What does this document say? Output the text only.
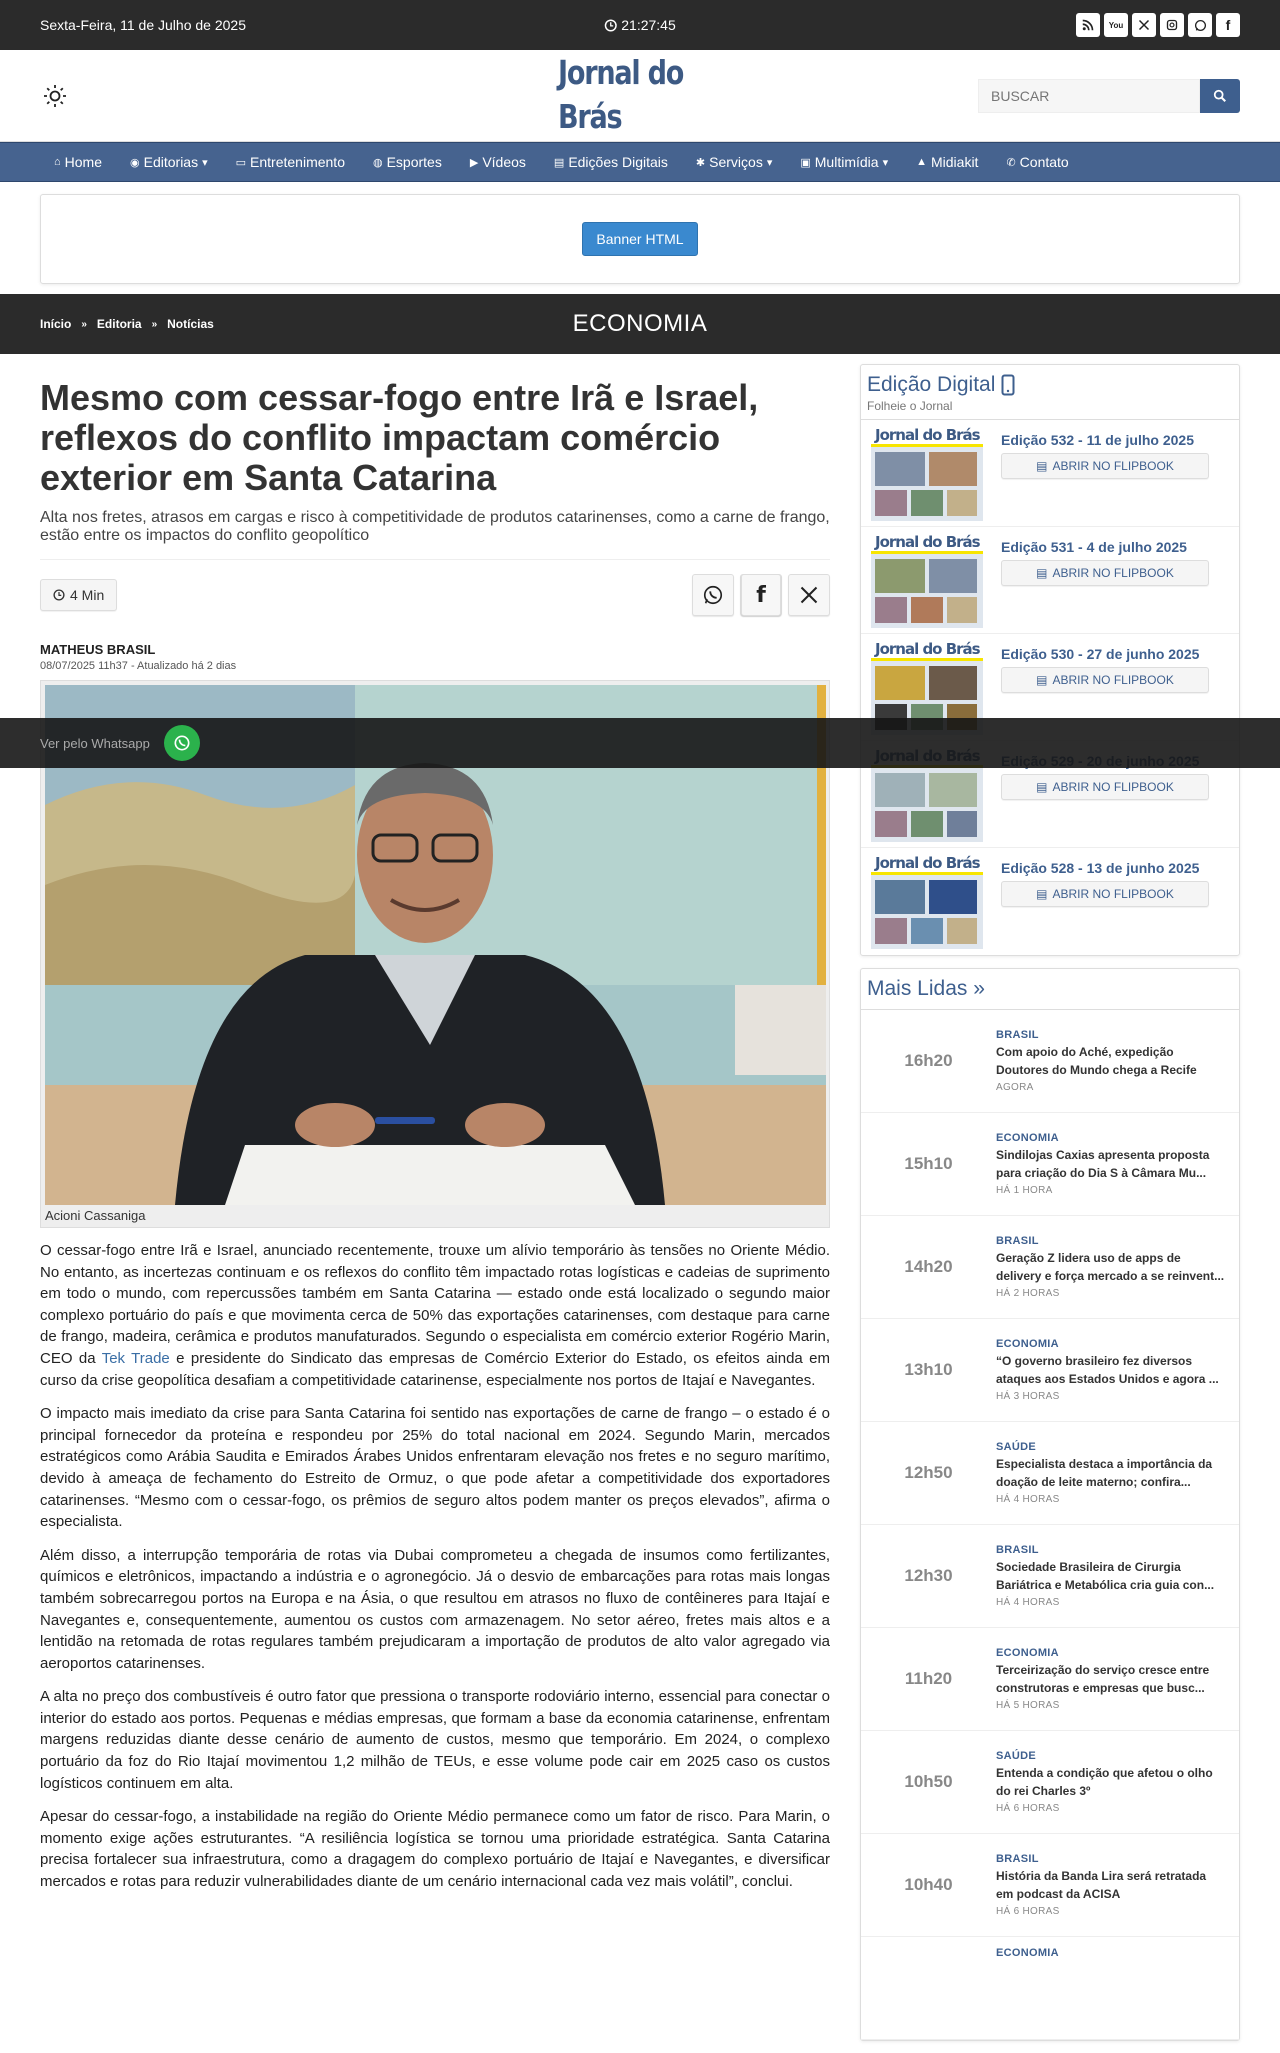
Sexta-Feira, 11 de Julho de 2025	21:27:45	You	f
Jornal do Brás
BUSCAR
⌂ Home	◉ Editorias ▾	▭ Entretenimento	◍ Esportes	▶ Vídeos	▤ Edições Digitais	✱ Serviços ▾	▣ Multimídia ▾	▲ Midiakit	✆ Contato
Banner HTML
Início » Editoria » Notícias	ECONOMIA
Mesmo com cessar-fogo entre Irã e Israel, reflexos do conflito impactam comércio exterior em Santa Catarina
Alta nos fretes, atrasos em cargas e risco à competitividade de produtos catarinenses, como a carne de frango, estão entre os impactos do conflito geopolítico
4 Min	f
MATHEUS BRASIL
08/07/2025 11h37 - Atualizado há 2 dias
Acioni Cassaniga

O cessar-fogo entre Irã e Israel, anunciado recentemente, trouxe um alívio temporário às tensões no Oriente Médio. No entanto, as incertezas continuam e os reflexos do conflito têm impactado rotas logísticas e cadeias de suprimento em todo o mundo, com repercussões também em Santa Catarina — estado onde está localizado o segundo maior complexo portuário do país e que movimenta cerca de 50% das exportações catarinenses, com destaque para carne de frango, madeira, cerâmica e produtos manufaturados. Segundo o especialista em comércio exterior Rogério Marin, CEO da Tek Trade e presidente do Sindicato das empresas de Comércio Exterior do Estado, os efeitos ainda em curso da crise geopolítica desafiam a competitividade catarinense, especialmente nos portos de Itajaí e Navegantes.

O impacto mais imediato da crise para Santa Catarina foi sentido nas exportações de carne de frango – o estado é o principal fornecedor da proteína e respondeu por 25% do total nacional em 2024. Segundo Marin, mercados estratégicos como Arábia Saudita e Emirados Árabes Unidos enfrentaram elevação nos fretes e no seguro marítimo, devido à ameaça de fechamento do Estreito de Ormuz, o que pode afetar a competitividade dos exportadores catarinenses. “Mesmo com o cessar-fogo, os prêmios de seguro altos podem manter os preços elevados”, afirma o especialista.

Além disso, a interrupção temporária de rotas via Dubai comprometeu a chegada de insumos como fertilizantes, químicos e eletrônicos, impactando a indústria e o agronegócio. Já o desvio de embarcações para rotas mais longas também sobrecarregou portos na Europa e na Ásia, o que resultou em atrasos no fluxo de contêineres para Itajaí e Navegantes e, consequentemente, aumentou os custos com armazenagem. No setor aéreo, fretes mais altos e a lentidão na retomada de rotas regulares também prejudicaram a importação de produtos de alto valor agregado via aeroportos catarinenses.

A alta no preço dos combustíveis é outro fator que pressiona o transporte rodoviário interno, essencial para conectar o interior do estado aos portos. Pequenas e médias empresas, que formam a base da economia catarinense, enfrentam margens reduzidas diante desse cenário de aumento de custos, mesmo que temporário. Em 2024, o complexo portuário da foz do Rio Itajaí movimentou 1,2 milhão de TEUs, e esse volume pode cair em 2025 caso os custos logísticos continuem em alta.

Apesar do cessar-fogo, a instabilidade na região do Oriente Médio permanece como um fator de risco. Para Marin, o momento exige ações estruturantes. “A resiliência logística se tornou uma prioridade estratégica. Santa Catarina precisa fortalecer sua infraestrutura, como a dragagem do complexo portuário de Itajaí e Navegantes, e diversificar mercados e rotas para reduzir vulnerabilidades diante de um cenário internacional cada vez mais volátil”, conclui.

Edição Digital
Folheie o Jornal
Jornal do Brás Edição 532 - 11 de julho 2025
▤ ABRIR NO FLIPBOOK
Jornal do Brás Edição 531 - 4 de julho 2025
▤ ABRIR NO FLIPBOOK
Jornal do Brás Edição 530 - 27 de junho 2025
▤ ABRIR NO FLIPBOOK
▤ ABRIR NO FLIPBOOK
Jornal do Brás Edição 528 - 13 de junho 2025
▤ ABRIR NO FLIPBOOK
Mais Lidas »
16h20
BRASIL
Com apoio do Aché, expedição Doutores do Mundo chega a Recife
AGORA
15h10
ECONOMIA
Sindilojas Caxias apresenta proposta para criação do Dia S à Câmara Mu...
HÁ 1 HORA
14h20
BRASIL
Geração Z lidera uso de apps de delivery e força mercado a se reinvent...
HÁ 2 HORAS
13h10
ECONOMIA
“O governo brasileiro fez diversos ataques aos Estados Unidos e agora ...
HÁ 3 HORAS
12h50
SAÚDE
Especialista destaca a importância da doação de leite materno; confira...
HÁ 4 HORAS
12h30
BRASIL
Sociedade Brasileira de Cirurgia Bariátrica e Metabólica cria guia con...
HÁ 4 HORAS
11h20
ECONOMIA
Terceirização do serviço cresce entre construtoras e empresas que busc...
HÁ 5 HORAS
10h50
SAÚDE
Entenda a condição que afetou o olho do rei Charles 3º
HÁ 6 HORAS
10h40
BRASIL
História da Banda Lira será retratada em podcast da ACISA
HÁ 6 HORAS
ECONOMIA
Ver pelo Whatsapp
